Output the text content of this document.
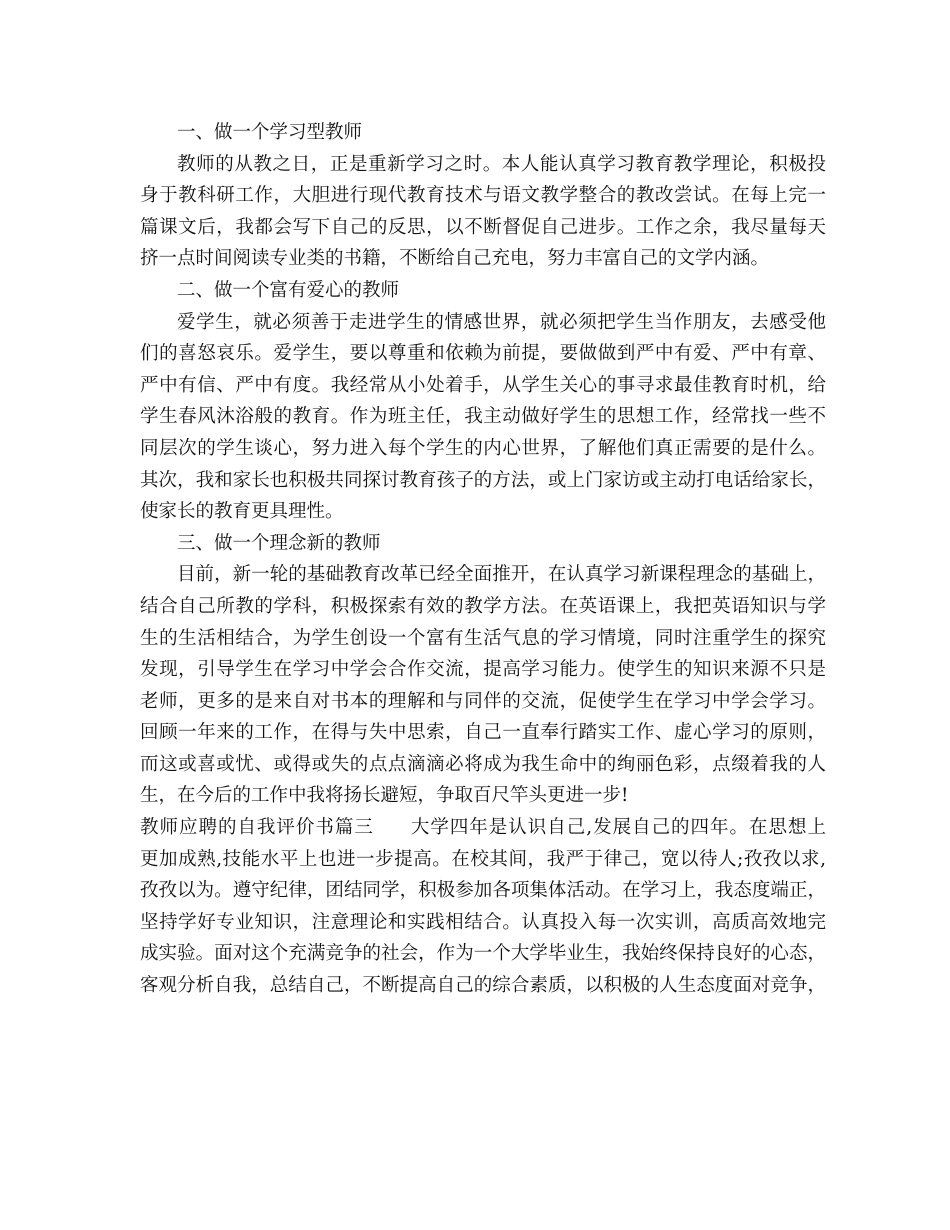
一、做一个学习型教师
教师的从教之日，正是重新学习之时。本人能认真学习教育教学理论，积极投
身于教科研工作，大胆进行现代教育技术与语文教学整合的教改尝试。在每上完一
篇课文后，我都会写下自己的反思，以不断督促自己进步。工作之余，我尽量每天
挤一点时间阅读专业类的书籍，不断给自己充电，努力丰富自己的文学内涵。
二、做一个富有爱心的教师
爱学生，就必须善于走进学生的情感世界，就必须把学生当作朋友，去感受他
们的喜怒哀乐。爱学生，要以尊重和依赖为前提，要做做到严中有爱、严中有章、
严中有信、严中有度。我经常从小处着手，从学生关心的事寻求最佳教育时机，给
学生春风沐浴般的教育。作为班主任，我主动做好学生的思想工作，经常找一些不
同层次的学生谈心，努力进入每个学生的内心世界，了解他们真正需要的是什么。
其次，我和家长也积极共同探讨教育孩子的方法，或上门家访或主动打电话给家长，
使家长的教育更具理性。
三、做一个理念新的教师
目前，新一轮的基础教育改革已经全面推开，在认真学习新课程理念的基础上，
结合自己所教的学科，积极探索有效的教学方法。在英语课上，我把英语知识与学
生的生活相结合，为学生创设一个富有生活气息的学习情境，同时注重学生的探究
发现，引导学生在学习中学会合作交流，提高学习能力。使学生的知识来源不只是
老师，更多的是来自对书本的理解和与同伴的交流，促使学生在学习中学会学习。
回顾一年来的工作，在得与失中思索，自己一直奉行踏实工作、虚心学习的原则，
而这或喜或忧、或得或失的点点滴滴必将成为我生命中的绚丽色彩，点缀着我的人
生，在今后的工作中我将扬长避短，争取百尺竿头更进一步!
教师应聘的自我评价书篇三 大学四年是认识自己,发展自己的四年。在思想上
更加成熟,技能水平上也进一步提高。在校其间，我严于律己，宽以待人;孜孜以求,
孜孜以为。遵守纪律，团结同学，积极参加各项集体活动。在学习上，我态度端正，
坚持学好专业知识，注意理论和实践相结合。认真投入每一次实训，高质高效地完
成实验。面对这个充满竞争的社会，作为一个大学毕业生，我始终保持良好的心态，
客观分析自我，总结自己，不断提高自己的综合素质，以积极的人生态度面对竞争，
